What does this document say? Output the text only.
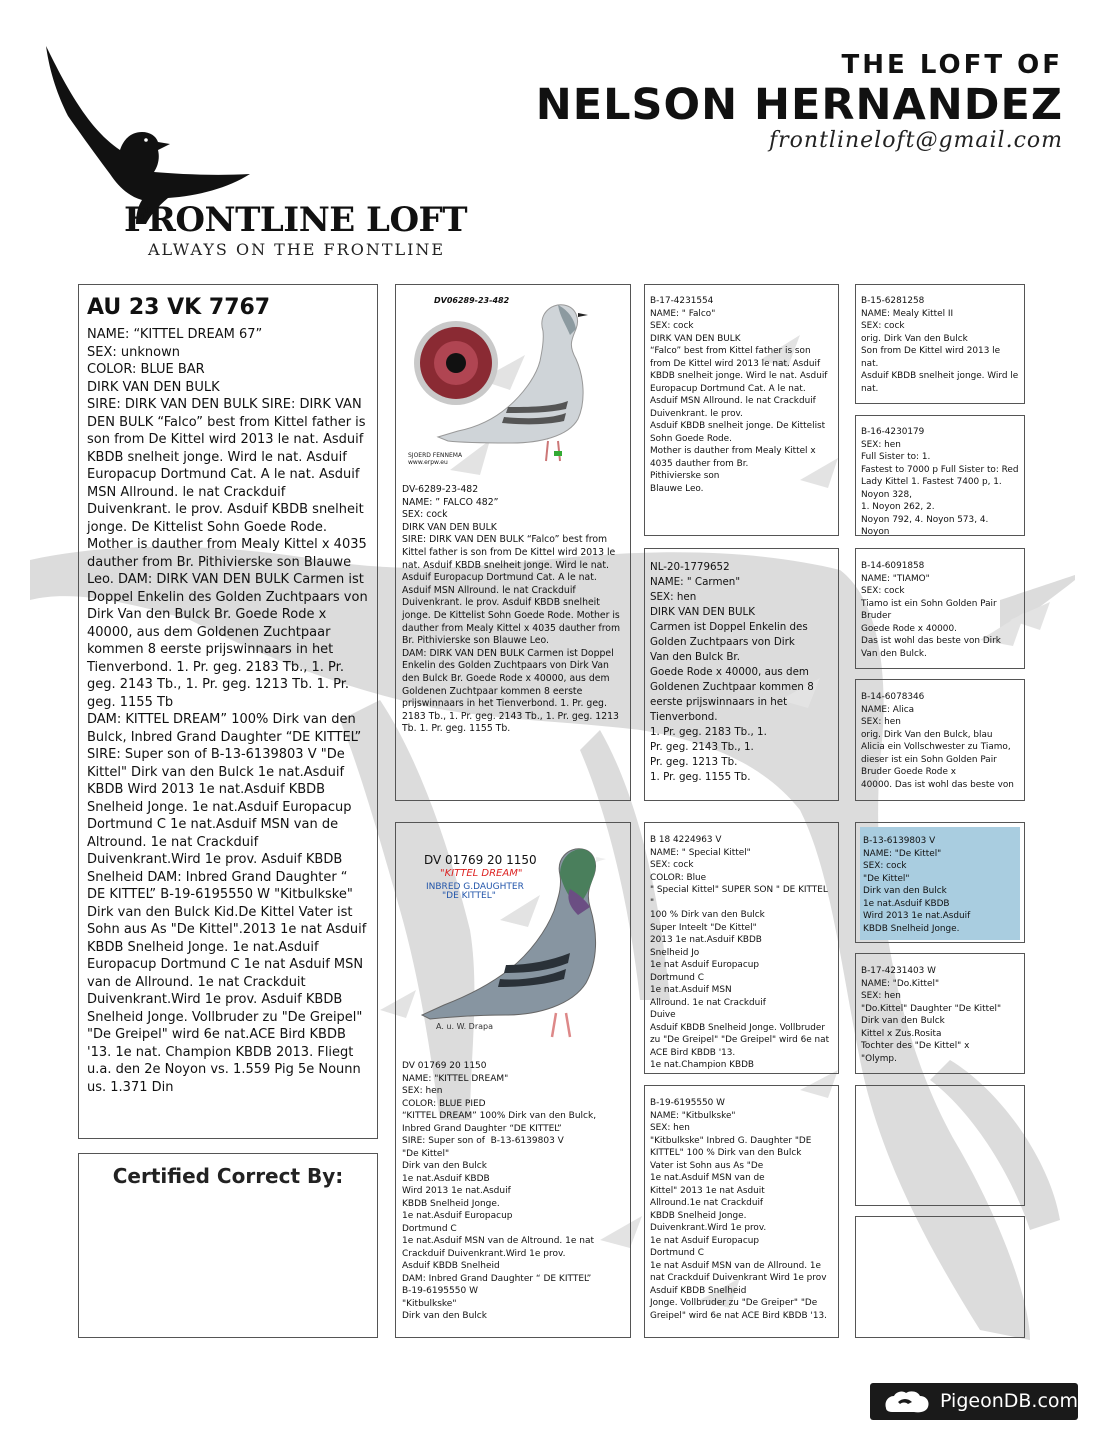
THE LOFT OF
NELSON HERNANDEZ
frontlineloft@gmail.com
FRONTLINE LOFT
ALWAYS ON THE FRONTLINE
AU 23 VK 7767
NAME: “KITTEL DREAM 67”
SEX: unknown
COLOR: BLUE BAR
DIRK VAN DEN BULK
SIRE: DIRK VAN DEN BULK SIRE: DIRK VAN DEN BULK “Falco” best from Kittel father is son from De Kittel wird 2013 le nat. Asduif KBDB snelheit jonge. Wird le nat. Asduif Europacup Dortmund Cat. A le nat. Asduif MSN Allround. le nat Crackduif Duivenkrant. le prov. Asduif KBDB snelheit jonge. De Kittelist Sohn Goede Rode. Mother is dauther from Mealy Kittel x 4035 dauther from Br. Pithivierske son Blauwe Leo. DAM: DIRK VAN DEN BULK Carmen ist Doppel Enkelin des Golden Zuchtpaars von Dirk Van den Bulck Br. Goede Rode x 40000, aus dem Goldenen Zuchtpaar kommen 8 eerste prijswinnaars in het Tienverbond. 1. Pr. geg. 2183 Tb., 1. Pr. geg. 2143 Tb., 1. Pr. geg. 1213 Tb. 1. Pr. geg. 1155 Tb
DAM: KITTEL DREAM” 100% Dirk van den Bulck, Inbred Grand Daughter “DE KITTEL” SIRE: Super son of B-13-6139803 V "De Kittel" Dirk van den Bulck 1e nat.Asduif KBDB Wird 2013 1e nat.Asduif KBDB Snelheid Jonge. 1e nat.Asduif Europacup Dortmund C 1e nat.Asduif MSN van de Altround. 1e nat Crackduif Duivenkrant.Wird 1e prov. Asduif KBDB Snelheid DAM: Inbred Grand Daughter “ DE KITTEL” B-19-6195550 W "Kitbulkske" Dirk van den Bulck Kid.De Kittel Vater ist Sohn aus As "De Kittel".2013 1e nat Asduif KBDB Snelheid Jonge. 1e nat.Asduif Europacup Dortmund C 1e nat Asduif MSN van de Allround. 1e nat Crackduit Duivenkrant.Wird 1e prov. Asduif KBDB Snelheid Jonge. Vollbruder zu "De Greipel" "De Greipel" wird 6e nat.ACE Bird KBDB '13. 1e nat. Champion KBDB 2013. Fliegt u.a. den 2e Noyon vs. 1.559 Pig 5e Nounn us. 1.371 Din
Certified Correct By:
DV06289-23-482
SJOERD FENNEMA www.erpw.eu
DV-6289-23-482
NAME: ” FALCO 482”
SEX: cock
DIRK VAN DEN BULK
SIRE: DIRK VAN DEN BULK “Falco” best from Kittel father is son from De Kittel wird 2013 le nat. Asduif KBDB snelheit jonge. Wird le nat. Asduif Europacup Dortmund Cat. A le nat. Asduif MSN Allround. le nat Crackduif Duivenkrant. le prov. Asduif KBDB snelheit jonge. De Kittelist Sohn Goede Rode. Mother is dauther from Mealy Kittel x 4035 dauther from Br. Pithivierske son Blauwe Leo.
DAM: DIRK VAN DEN BULK Carmen ist Doppel Enkelin des Golden Zuchtpaars von Dirk Van den Bulck Br. Goede Rode x 40000, aus dem Goldenen Zuchtpaar kommen 8 eerste prijswinnaars in het Tienverbond. 1. Pr. geg. 2183 Tb., 1. Pr. geg. 2143 Tb., 1. Pr. geg. 1213 Tb. 1. Pr. geg. 1155 Tb.
DV 01769 20 1150
"KITTEL DREAM"
INBRED G.DAUGHTER
"DE KITTEL"
A. u. W. Drapa
DV 01769 20 1150
NAME: "KITTEL DREAM"
SEX: hen
COLOR: BLUE PIED
“KITTEL DREAM” 100% Dirk van den Bulck, Inbred Grand Daughter “DE KITTEL”
SIRE: Super son of  B-13-6139803 V
"De Kittel"
Dirk van den Bulck
1e nat.Asduif KBDB
Wird 2013 1e nat.Asduif
KBDB Snelheid Jonge.
1e nat.Asduif Europacup
Dortmund C
1e nat.Asduif MSN van de Altround. 1e nat Crackduif Duivenkrant.Wird 1e prov.
Asduif KBDB Snelheid
DAM: Inbred Grand Daughter “ DE KITTEL”
B-19-6195550 W
"Kitbulkske"
Dirk van den Bulck
B-17-4231554
NAME: " Falco"
SEX: cock
DIRK VAN DEN BULK
“Falco” best from Kittel father is son from De Kittel wird 2013 le nat. Asduif KBDB snelheit jonge. Wird le nat. Asduif Europacup Dortmund Cat. A le nat. Asduif MSN Allround. le nat Crackduif Duivenkrant. le prov.
Asduif KBDB snelheit jonge. De Kittelist Sohn Goede Rode.
Mother is dauther from Mealy Kittel x 4035 dauther from Br.
Pithivierske son
Blauwe Leo.
NL-20-1779652
NAME: " Carmen"
SEX: hen
DIRK VAN DEN BULK
Carmen ist Doppel Enkelin des
Golden Zuchtpaars von Dirk
Van den Bulck Br.
Goede Rode x 40000, aus dem
Goldenen Zuchtpaar kommen 8
eerste prijswinnaars in het
Tienverbond.
1. Pr. geg. 2183 Tb., 1.
Pr. geg. 2143 Tb., 1.
Pr. geg. 1213 Tb.
1. Pr. geg. 1155 Tb.
B 18 4224963 V
NAME: " Special Kittel"
SEX: cock
COLOR: Blue
" Special Kittel" SUPER SON " DE KITTEL "
100 % Dirk van den Bulck
Super Inteelt "De Kittel"
2013 1e nat.Asduif KBDB
Snelheid Jo
1e nat Asduif Europacup
Dortmund C
1e nat.Asduif MSN
Allround. 1e nat Crackduif
Duive
Asduif KBDB Snelheid Jonge. Vollbruder zu "De Greipel" "De Greipel" wird 6e nat ACE Bird KBDB '13.
1e nat.Champion KBDB
B-19-6195550 W
NAME: "Kitbulkske"
SEX: hen
"Kitbulkske" Inbred G. Daughter "DE KITTEL" 100 % Dirk van den Bulck
Vater ist Sohn aus As "De
1e nat.Asduif MSN van de
Kittel" 2013 1e nat Asduit
Allround.1e nat Crackduif
KBDB Snelheid Jonge.
Duivenkrant.Wird 1e prov.
1e nat Asduif Europacup
Dortmund C
1e nat Asduif MSN van de Allround. 1e nat Crackduif Duivenkrant Wird 1e prov
Asduif KBDB Snelheid
Jonge. Vollbruder zu "De Greiper" "De Greipel" wird 6e nat ACE Bird KBDB '13.
B-15-6281258
NAME: Mealy Kittel II
SEX: cock
orig. Dirk Van den Bulck
Son from De Kittel wird 2013 le nat.
Asduif KBDB snelheit jonge. Wird le nat.
B-16-4230179
SEX: hen
Full Sister to: 1.
Fastest to 7000 p Full Sister to: Red Lady Kittel 1. Fastest 7400 p, 1. Noyon 328,
1. Noyon 262, 2.
Noyon 792, 4. Noyon 573, 4. Noyon
B-14-6091858
NAME: "TIAMO"
SEX: cock
Tiamo ist ein Sohn Golden Pair Bruder
Goede Rode x 40000.
Das ist wohl das beste von Dirk Van den Bulck.
B-14-6078346
NAME: Alica
SEX: hen
orig. Dirk Van den Bulck, blau
Alicia ein Vollschwester zu Tiamo,
dieser ist ein Sohn Golden Pair
Bruder Goede Rode x
40000. Das ist wohl das beste von
B-13-6139803 V
NAME: "De Kittel"
SEX: cock
"De Kittel"
Dirk van den Bulck
1e nat.Asduif KBDB
Wird 2013 1e nat.Asduif
KBDB Snelheid Jonge.
B-17-4231403 W
NAME: "Do.Kittel"
SEX: hen
"Do.Kittel" Daughter "De Kittel"
Dirk van den Bulck
Kittel x Zus.Rosita
Tochter des "De Kittel" x
"Olymp.
PigeonDB.com
